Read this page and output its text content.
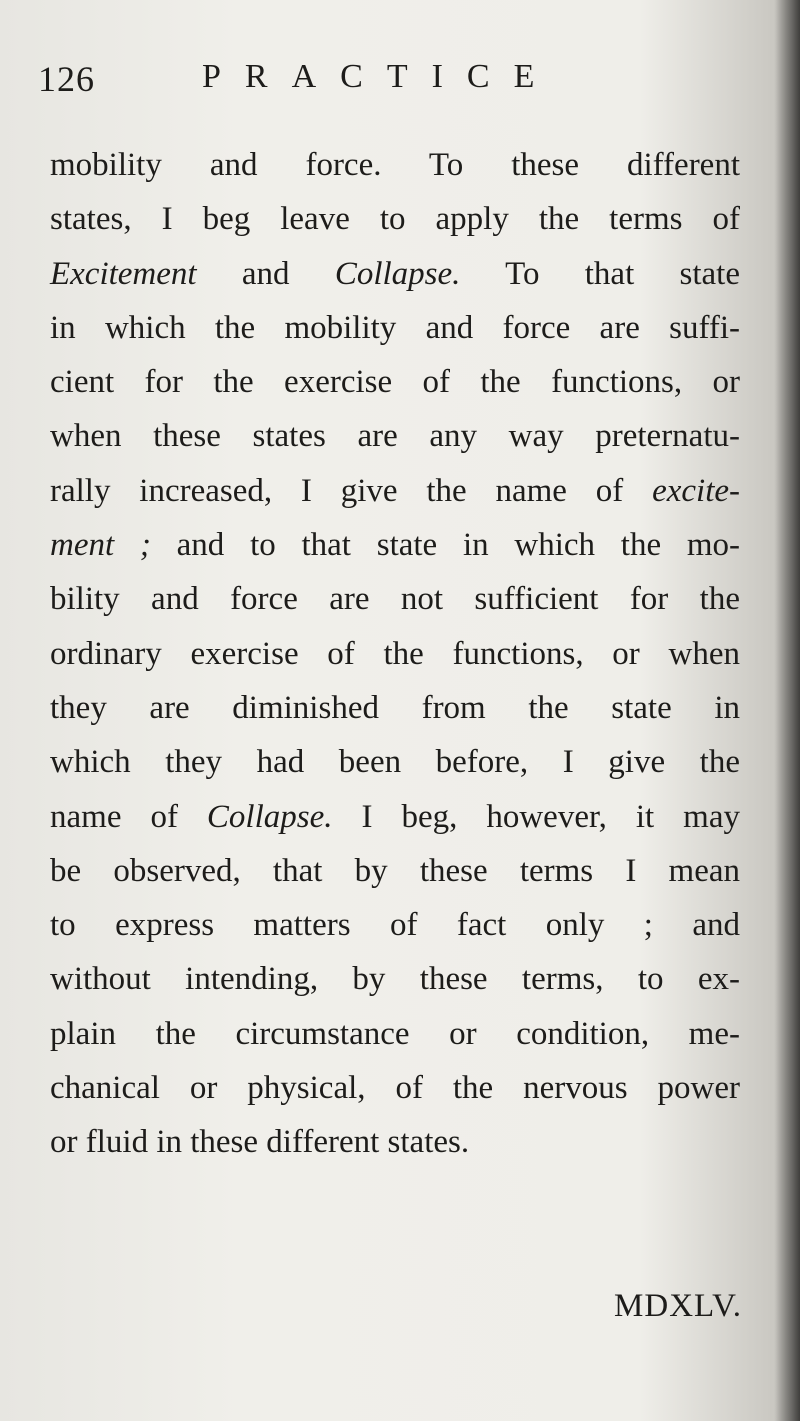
126	PRACTICE
mobility and force. To these different
states, I beg leave to apply the terms of
Excitement and Collapse. To that state
in which the mobility and force are suffi-
cient for the exercise of the functions, or
when these states are any way preternatu-
rally increased, I give the name of excite-
ment ; and to that state in which the mo-
bility and force are not sufficient for the
ordinary exercise of the functions, or when
they are diminished from the state in
which they had been before, I give the
name of Collapse. I beg, however, it may
be observed, that by these terms I mean
to express matters of fact only ; and
without intending, by these terms, to ex-
plain the circumstance or condition, me-
chanical or physical, of the nervous power
or fluid in these different states.
MDXLV.
